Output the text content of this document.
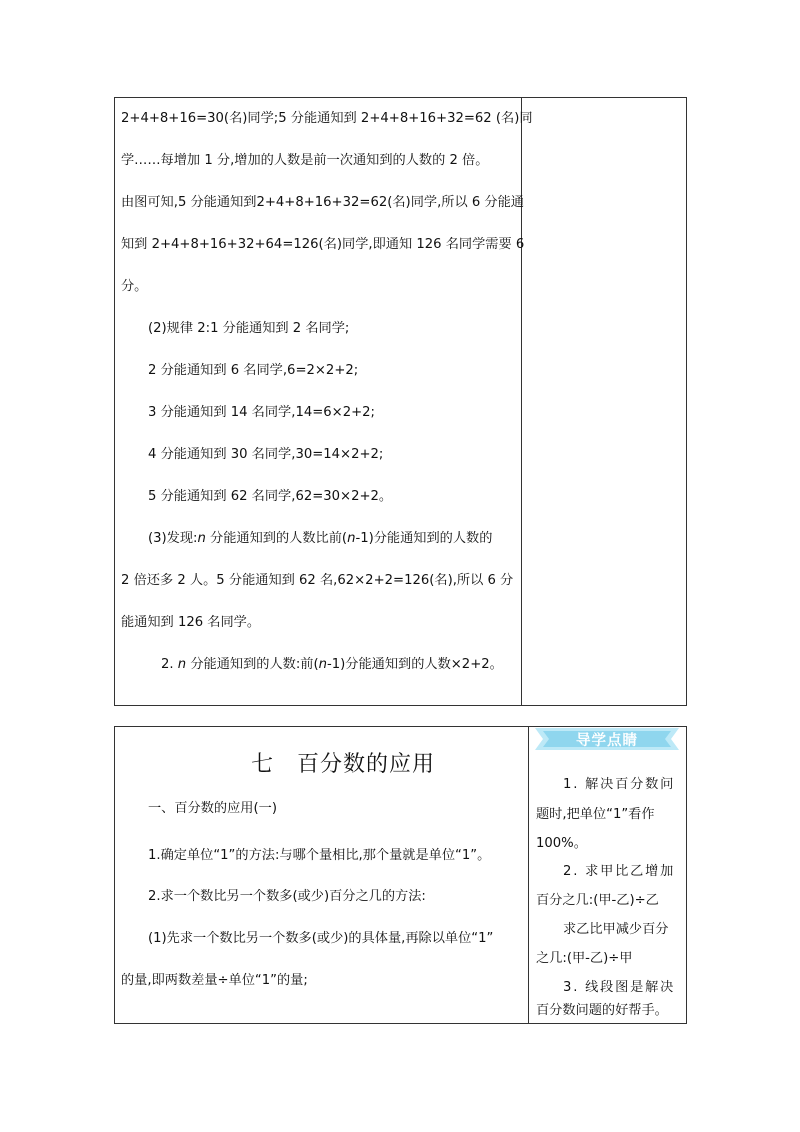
2+4+8+16=30(名)同学;5 分能通知到 2+4+8+16+32=62 (名)同
学……每增加 1 分,增加的人数是前一次通知到的人数的 2 倍。
由图可知,5 分能通知到2+4+8+16+32=62(名)同学,所以 6 分能通
知到 2+4+8+16+32+64=126(名)同学,即通知 126 名同学需要 6
分。
(2)规律 2:1 分能通知到 2 名同学;
2 分能通知到 6 名同学,6=2×2+2;
3 分能通知到 14 名同学,14=6×2+2;
4 分能通知到 30 名同学,30=14×2+2;
5 分能通知到 62 名同学,62=30×2+2。
(3)发现:n 分能通知到的人数比前(n-1)分能通知到的人数的
2 倍还多 2 人。5 分能通知到 62 名,62×2+2=126(名),所以 6 分
能通知到 126 名同学。
2. n 分能通知到的人数:前(n-1)分能通知到的人数×2+2。
七　百分数的应用
一、百分数的应用(一)
1.确定单位“1”的方法:与哪个量相比,那个量就是单位“1”。
2.求一个数比另一个数多(或少)百分之几的方法:
(1)先求一个数比另一个数多(或少)的具体量,再除以单位“1”
的量,即两数差量÷单位“1”的量;
导学点睛
1. 解决百分数问
题时,把单位“1”看作
100%。
2. 求甲比乙增加
百分之几:(甲-乙)÷乙
求乙比甲减少百分
之几:(甲-乙)÷甲
3. 线段图是解决
百分数问题的好帮手。
